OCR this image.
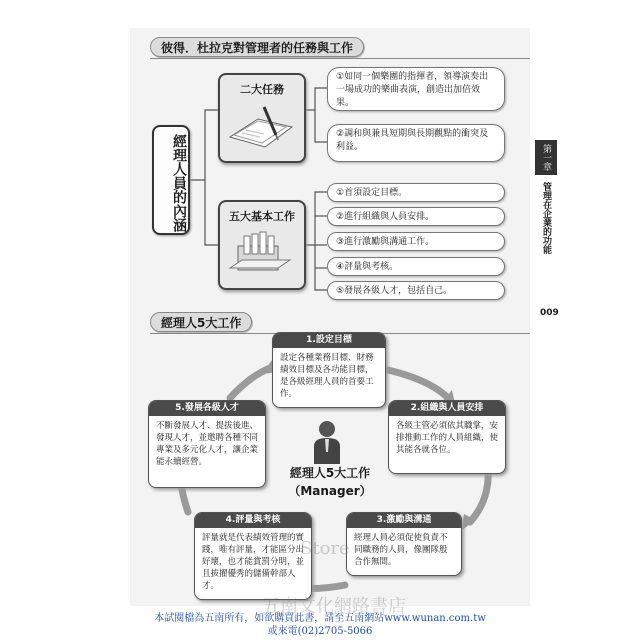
彼得．杜拉克對管理者的任務與工作
經理人員的內涵
二大任務
五大基本工作
①如同一個樂團的指揮者，領導演奏出一場成功的樂曲表演，創造出加倍效果。
②調和與兼具短期與長期觀點的衝突及利益。
①首須設定目標。
②進行組織與人員安排。
③進行激勵與溝通工作。
④評量與考核。
⑤發展各級人才，包括自己。
第一章
管理在企業的功能
009
經理人5大工作
經理人5大工作
（Manager）
1.設定目標
設定各種業務目標、財務績效目標及各功能目標，是各級經理人員的首要工作。
2.組織與人員安排
各級主管必須依其職掌，安排推動工作的人員組織，使其能各就各位。
3.激勵與溝通
經理人員必須促使負責不同職務的人員，像團隊般合作無間。
4.評量與考核
評量就是代表績效管理的實踐，唯有評量，才能區分出好壞，也才能賞罰分明，並且拔擢優秀的儲備幹部人才。
5.發展各級人才
不斷發展人才、提拔後進、發現人才，並邀聘各種不同專業及多元化人才，讓企業能永續經營。
Store
五南文化網路書店
本試閱檔為五南所有，如欲購買此書，請至五南網站www.wunan.com.tw
或來電(02)2705-5066
